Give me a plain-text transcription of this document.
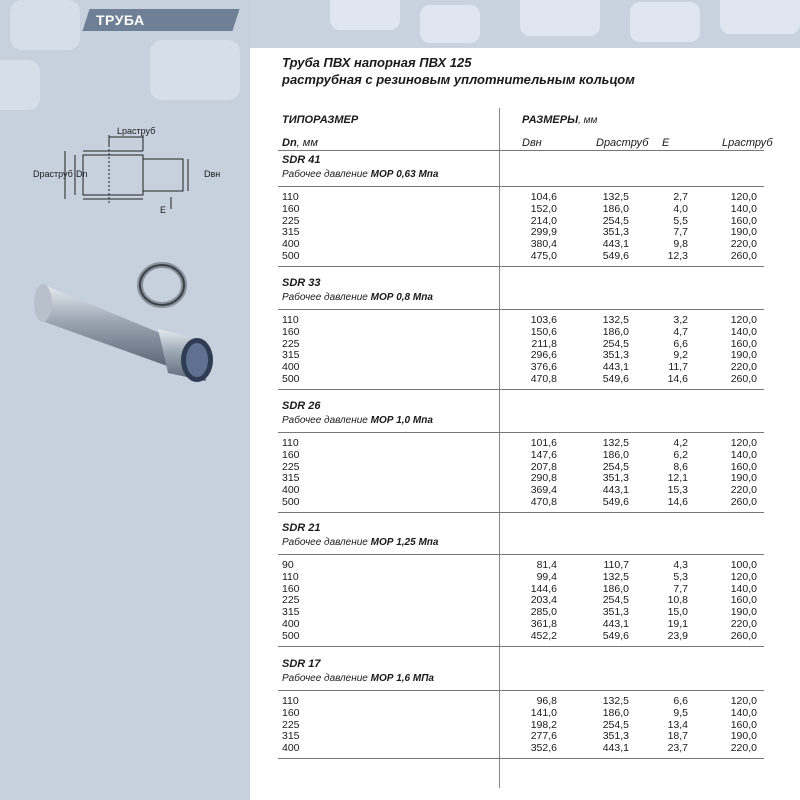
ТРУБА
Lраструб
Dраструб Dn	Dвн
E
Труба ПВХ напорная ПВХ 125
раструбная с резиновым уплотнительным кольцом
ТИПОРАЗМЕР	РАЗМЕРЫ, мм
Dn, мм	Dвн	Dраструб E	Lраструб
SDR 41
Рабочее давление МОР 0,63 Мпа
110	104,6	132,5	2,7	120,0
160	152,0	186,0	4,0	140,0
225	214,0	254,5	5,5	160,0
315	299,9	351,3	7,7	190,0
400	380,4	443,1	9,8	220,0
500	475,0	549,6	12,3	260,0
SDR 33
Рабочее давление МОР 0,8 Мпа
110	103,6	132,5	3,2	120,0
160	150,6	186,0	4,7	140,0
225	211,8	254,5	6,6	160,0
315	296,6	351,3	9,2	190,0
400	376,6	443,1	11,7	220,0
500	470,8	549,6	14,6	260,0
SDR 26
Рабочее давление МОР 1,0 Мпа
110	101,6	132,5	4,2	120,0
160	147,6	186,0	6,2	140,0
225	207,8	254,5	8,6	160,0
315	290,8	351,3	12,1	190,0
400	369,4	443,1	15,3	220,0
500	470,8	549,6	14,6	260,0
SDR 21
Рабочее давление МОР 1,25 Мпа
90	81,4	110,7	4,3	100,0
110	99,4	132,5	5,3	120,0
160	144,6	186,0	7,7	140,0
225	203,4	254,5	10,8	160,0
315	285,0	351,3	15,0	190,0
400	361,8	443,1	19,1	220,0
500	452,2	549,6	23,9	260,0
SDR 17
Рабочее давление МОР 1,6 МПа
110	96,8	132,5	6,6	120,0
160	141,0	186,0	9,5	140,0
225	198,2	254,5	13,4	160,0
315	277,6	351,3	18,7	190,0
400	352,6	443,1	23,7	220,0
